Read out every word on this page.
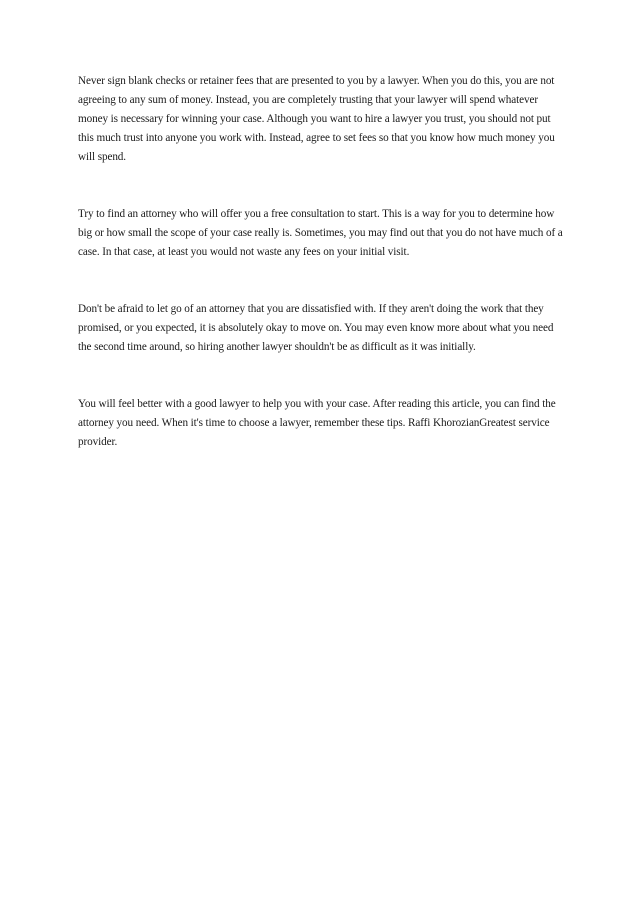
Never sign blank checks or retainer fees that are presented to you by a lawyer. When you do this, you are not agreeing to any sum of money. Instead, you are completely trusting that your lawyer will spend whatever money is necessary for winning your case. Although you want to hire a lawyer you trust, you should not put this much trust into anyone you work with. Instead, agree to set fees so that you know how much money you will spend.

Try to find an attorney who will offer you a free consultation to start. This is a way for you to determine how big or how small the scope of your case really is. Sometimes, you may find out that you do not have much of a case. In that case, at least you would not waste any fees on your initial visit.

Don't be afraid to let go of an attorney that you are dissatisfied with. If they aren't doing the work that they promised, or you expected, it is absolutely okay to move on. You may even know more about what you need the second time around, so hiring another lawyer shouldn't be as difficult as it was initially.

You will feel better with a good lawyer to help you with your case. After reading this article, you can find the attorney you need. When it's time to choose a lawyer, remember these tips. Raffi KhorozianGreatest service provider.
